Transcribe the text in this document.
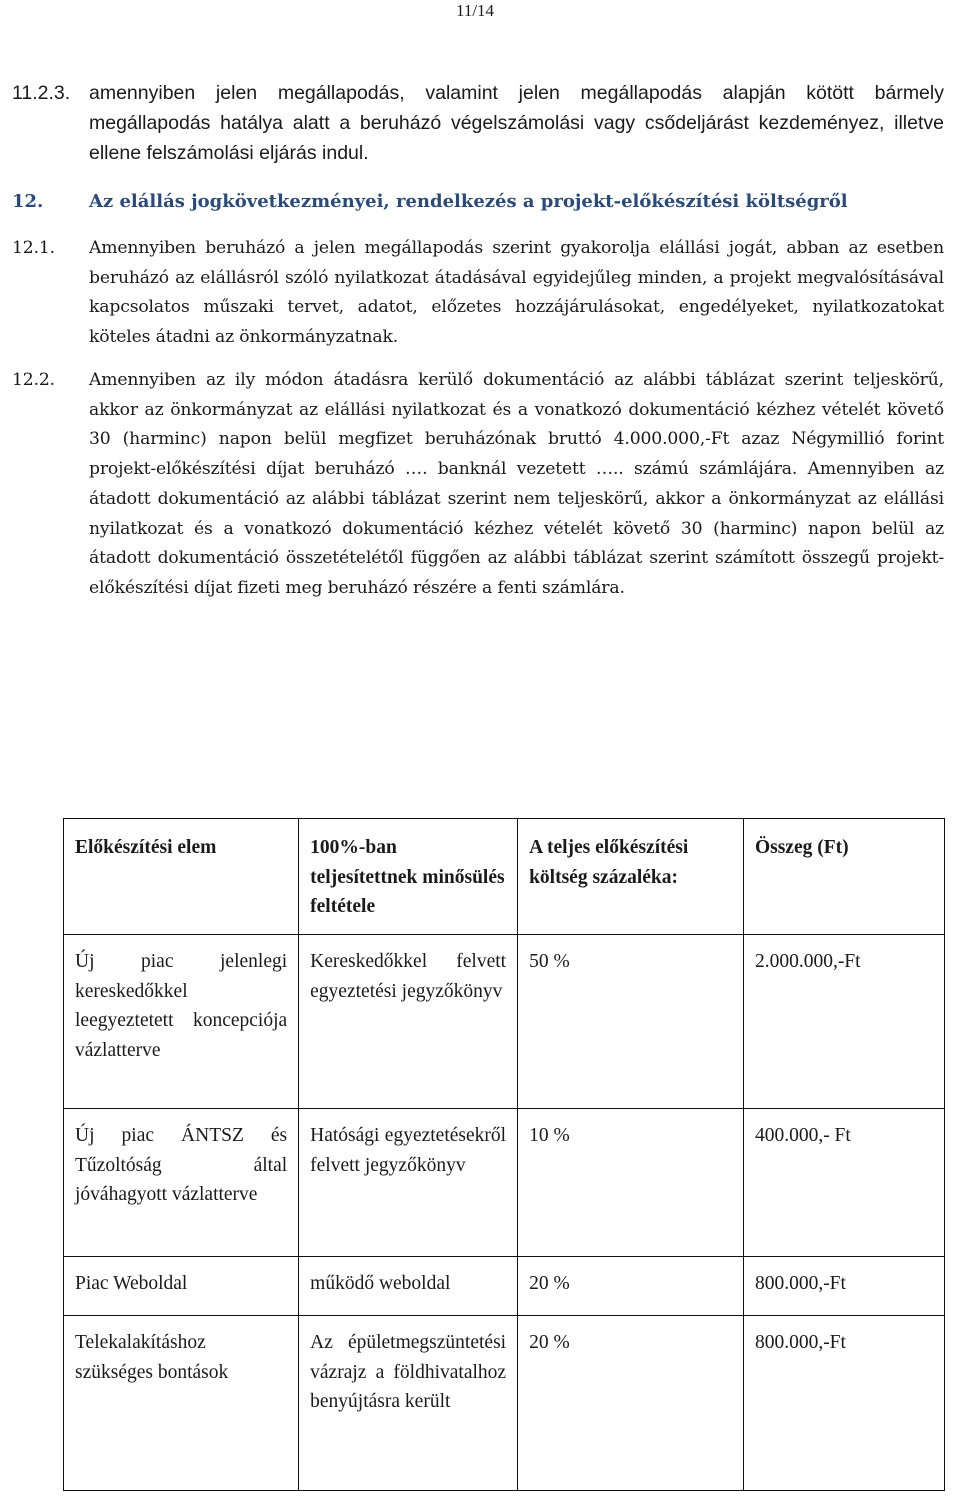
11/14
11.2.3. amennyiben jelen megállapodás, valamint jelen megállapodás alapján kötött bármely megállapodás hatálya alatt a beruházó végelszámolási vagy csődeljárást kezdeményez, illetve ellene felszámolási eljárás indul.
12.	Az elállás jogkövetkezményei, rendelkezés a projekt-előkészítési költségről
12.1. Amennyiben beruházó a jelen megállapodás szerint gyakorolja elállási jogát, abban az esetben beruházó az elállásról szóló nyilatkozat átadásával egyidejűleg minden, a projekt megvalósításával kapcsolatos műszaki tervet, adatot, előzetes hozzájárulásokat, engedélyeket, nyilatkozatokat köteles átadni az önkormányzatnak.
12.2. Amennyiben az ily módon átadásra kerülő dokumentáció az alábbi táblázat szerint teljeskörű, akkor az önkormányzat az elállási nyilatkozat és a vonatkozó dokumentáció kézhez vételét követő 30 (harminc) napon belül megfizet beruházónak bruttó 4.000.000,-Ft azaz Négymillió forint projekt-előkészítési díjat beruházó …. banknál vezetett ….. számú számlájára. Amennyiben az átadott dokumentáció az alábbi táblázat szerint nem teljeskörű, akkor a önkormányzat az elállási nyilatkozat és a vonatkozó dokumentáció kézhez vételét követő 30 (harminc) napon belül az átadott dokumentáció összetételétől függően az alábbi táblázat szerint számított összegű projekt-előkészítési díjat fizeti meg beruházó részére a fenti számlára.
Előkészítési elem	100%-ban teljesítettnek minősülés feltétele	A teljes előkészítési költség százaléka:	Összeg (Ft)
Új piac jelenlegi kereskedőkkel leegyeztetett koncepciója vázlatterve	Kereskedőkkel felvett egyeztetési jegyzőkönyv	50 %	2.000.000,-Ft
Új piac ÁNTSZ és Tűzoltóság által jóváhagyott vázlatterve	Hatósági egyeztetésekről felvett jegyzőkönyv	10 %	400.000,- Ft
Piac Weboldal	működő weboldal	20 %	800.000,-Ft
Telekalakításhoz szükséges bontások	Az épületmegszüntetési vázrajz a földhivatalhoz benyújtásra került	20 %	800.000,-Ft
